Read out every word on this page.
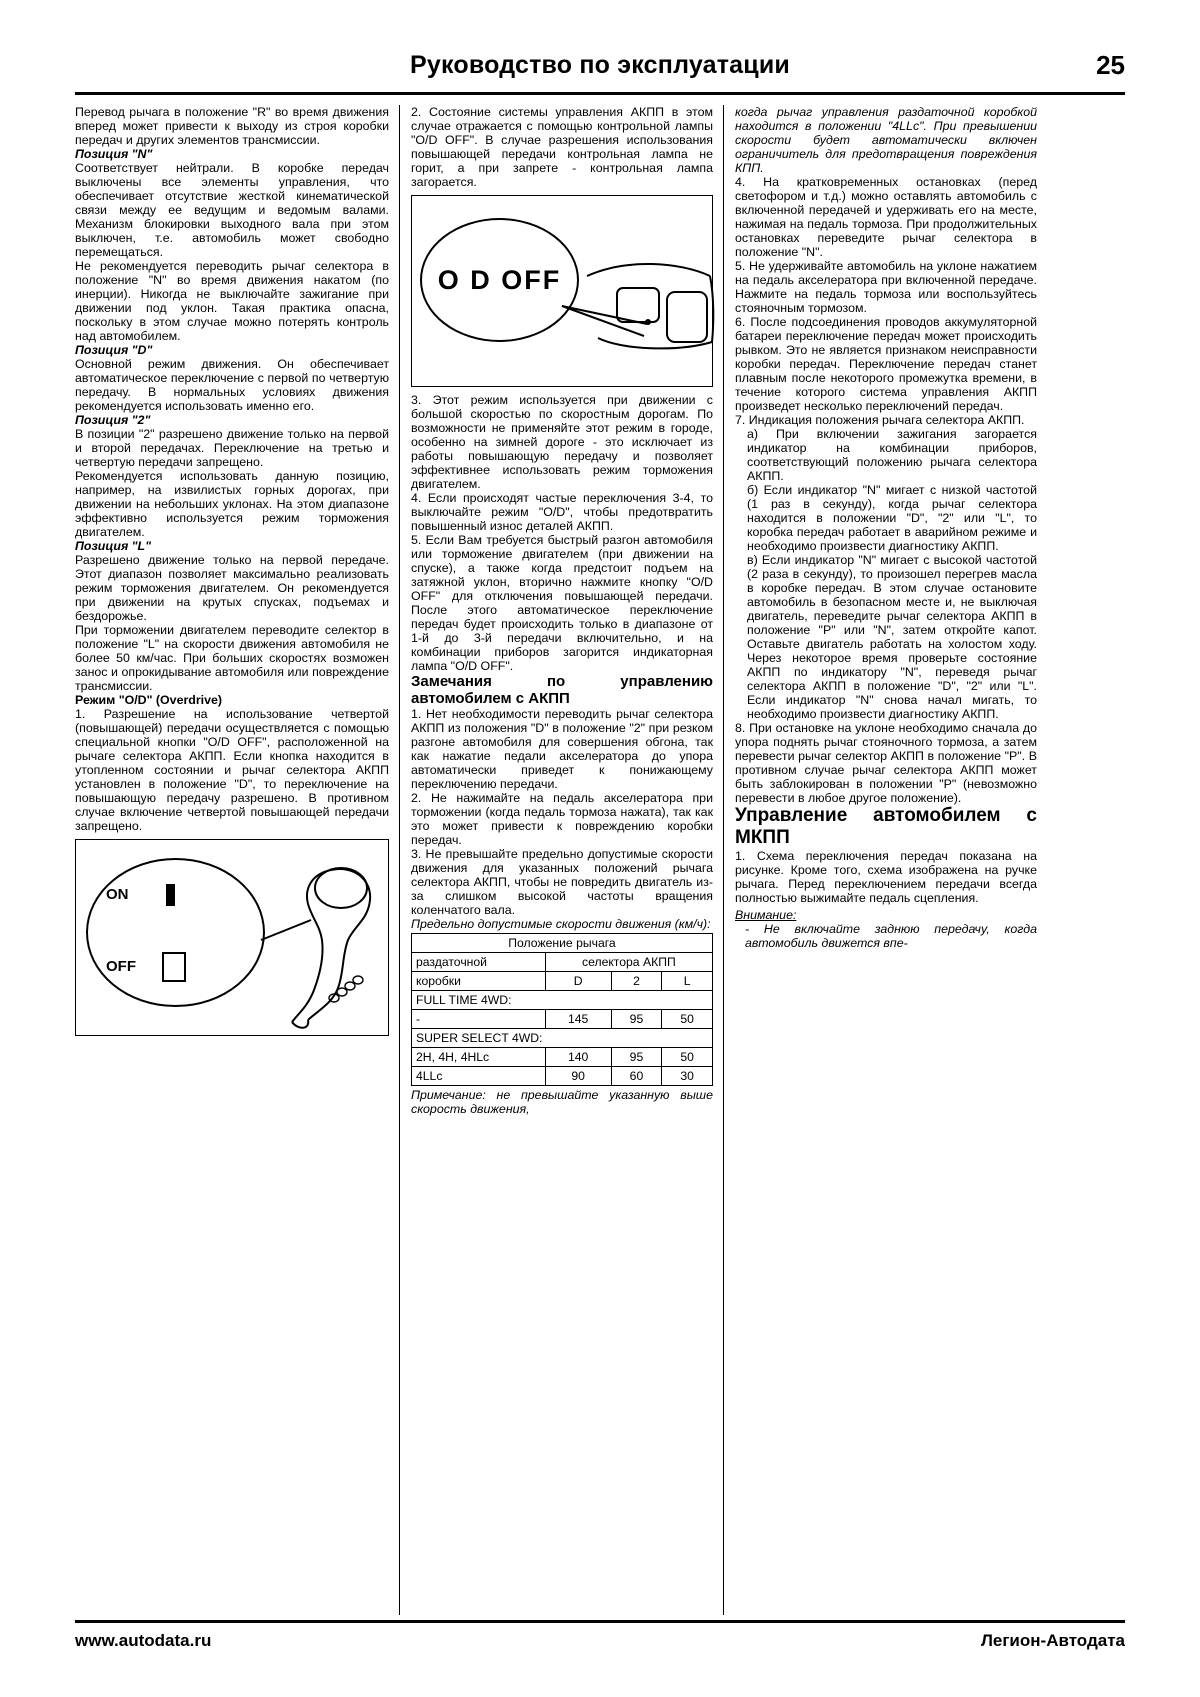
Руководство по эксплуатации	25

Перевод рычага в положение "R" во время движения вперед может привести к выходу из строя коробки передач и других элементов трансмиссии.

Позиция "N"

Соответствует нейтрали. В коробке передач выключены все элементы управления, что обеспечивает отсутствие жесткой кинематической связи между ее ведущим и ведомым валами. Механизм блокировки выходного вала при этом выключен, т.е. автомобиль может свободно перемещаться.

Не рекомендуется переводить рычаг селектора в положение "N" во время движения накатом (по инерции). Никогда не выключайте зажигание при движении под уклон. Такая практика опасна, поскольку в этом случае можно потерять контроль над автомобилем.

Позиция "D"

Основной режим движения. Он обеспечивает автоматическое переключение с первой по четвертую передачу. В нормальных условиях движения рекомендуется использовать именно его.

Позиция "2"

В позиции "2" разрешено движение только на первой и второй передачах. Переключение на третью и четвертую передачи запрещено.

Рекомендуется использовать данную позицию, например, на извилистых горных дорогах, при движении на небольших уклонах. На этом диапазоне эффективно используется режим торможения двигателем.

Позиция "L"

Разрешено движение только на первой передаче. Этот диапазон позволяет максимально реализовать режим торможения двигателем. Он рекомендуется при движении на крутых спусках, подъемах и бездорожье.

При торможении двигателем переводите селектор в положение "L" на скорости движения автомобиля не более 50 км/час. При больших скоростях возможен занос и опрокидывание автомобиля или повреждение трансмиссии.

Режим "O/D" (Overdrive)

1. Разрешение на использование четвертой (повышающей) передачи осуществляется с помощью специальной кнопки "O/D OFF", расположенной на рычаге селектора АКПП. Если кнопка находится в утопленном состоянии и рычаг селектора АКПП установлен в положение "D", то переключение на повышающую передачу разрешено. В противном случае включение четвертой повышающей передачи запрещено.

ON
OFF

2. Состояние системы управления АКПП в этом случае отражается с помощью контрольной лампы "O/D OFF". В случае разрешения использования повышающей передачи контрольная лампа не горит, а при запрете - контрольная лампа загорается.

O D OFF

3. Этот режим используется при движении с большой скоростью по скоростным дорогам. По возможности не применяйте этот режим в городе, особенно на зимней дороге - это исключает из работы повышающую передачу и позволяет эффективнее использовать режим торможения двигателем.

4. Если происходят частые переключения 3-4, то выключайте режим "O/D", чтобы предотвратить повышенный износ деталей АКПП.

5. Если Вам требуется быстрый разгон автомобиля или торможение двигателем (при движении на спуске), а также когда предстоит подъем на затяжной уклон, вторично нажмите кнопку "O/D OFF" для отключения повышающей передачи. После этого автоматическое переключение передач будет происходить только в диапазоне от 1-й до 3-й передачи включительно, и на комбинации приборов загорится индикаторная лампа "O/D OFF".

Замечания по управлению автомобилем с АКПП

1. Нет необходимости переводить рычаг селектора АКПП из положения "D" в положение "2" при резком разгоне автомобиля для совершения обгона, так как нажатие педали акселератора до упора автоматически приведет к понижающему переключению передачи.

2. Не нажимайте на педаль акселератора при торможении (когда педаль тормоза нажата), так как это может привести к повреждению коробки передач.

3. Не превышайте предельно допустимые скорости движения для указанных положений рычага селектора АКПП, чтобы не повредить двигатель из-за слишком высокой частоты вращения коленчатого вала.

Предельно допустимые скорости движения (км/ч):

Положение рычага			
раздаточной	селектора АКПП		
коробки	D	2	L
FULL TIME 4WD:			
-	145	95	50
SUPER SELECT 4WD:			
2H, 4H, 4HLc	140	95	50
4LLc	90	60	30

Примечание: не превышайте указанную выше скорость движения,

когда рычаг управления раздаточной коробкой находится в положении "4LLc". При превышении скорости будет автоматически включен ограничитель для предотвращения повреждения КПП.

4. На кратковременных остановках (перед светофором и т.д.) можно оставлять автомобиль с включенной передачей и удерживать его на месте, нажимая на педаль тормоза. При продолжительных остановках переведите рычаг селектора в положение "N".

5. Не удерживайте автомобиль на уклоне нажатием на педаль акселератора при включенной передаче. Нажмите на педаль тормоза или воспользуйтесь стояночным тормозом.

6. После подсоединения проводов аккумуляторной батареи переключение передач может происходить рывком. Это не является признаком неисправности коробки передач. Переключение передач станет плавным после некоторого промежутка времени, в течение которого система управления АКПП произведет несколько переключений передач.

7. Индикация положения рычага селектора АКПП.

а) При включении зажигания загорается индикатор на комбинации приборов, соответствующий положению рычага селектора АКПП.

б) Если индикатор "N" мигает с низкой частотой (1 раз в секунду), когда рычаг селектора находится в положении "D", "2" или "L", то коробка передач работает в аварийном режиме и необходимо произвести диагностику АКПП.

в) Если индикатор "N" мигает с высокой частотой (2 раза в секунду), то произошел перегрев масла в коробке передач. В этом случае остановите автомобиль в безопасном месте и, не выключая двигатель, переведите рычаг селектора АКПП в положение "P" или "N", затем откройте капот. Оставьте двигатель работать на холостом ходу. Через некоторое время проверьте состояние АКПП по индикатору "N", переведя рычаг селектора АКПП в положение "D", "2" или "L". Если индикатор "N" снова начал мигать, то необходимо произвести диагностику АКПП.

8. При остановке на уклоне необходимо сначала до упора поднять рычаг стояночного тормоза, а затем перевести рычаг селектор АКПП в положение "P". В противном случае рычаг селектора АКПП может быть заблокирован в положении "P" (невозможно перевести в любое другое положение).

Управление автомобилем с МКПП

1. Схема переключения передач показана на рисунке. Кроме того, схема изображена на ручке рычага. Перед переключением передачи всегда полностью выжимайте педаль сцепления.

Внимание:

- Не включайте заднюю передачу, когда автомобиль движется впе-

www.autodata.ru	Легион-Автодата
